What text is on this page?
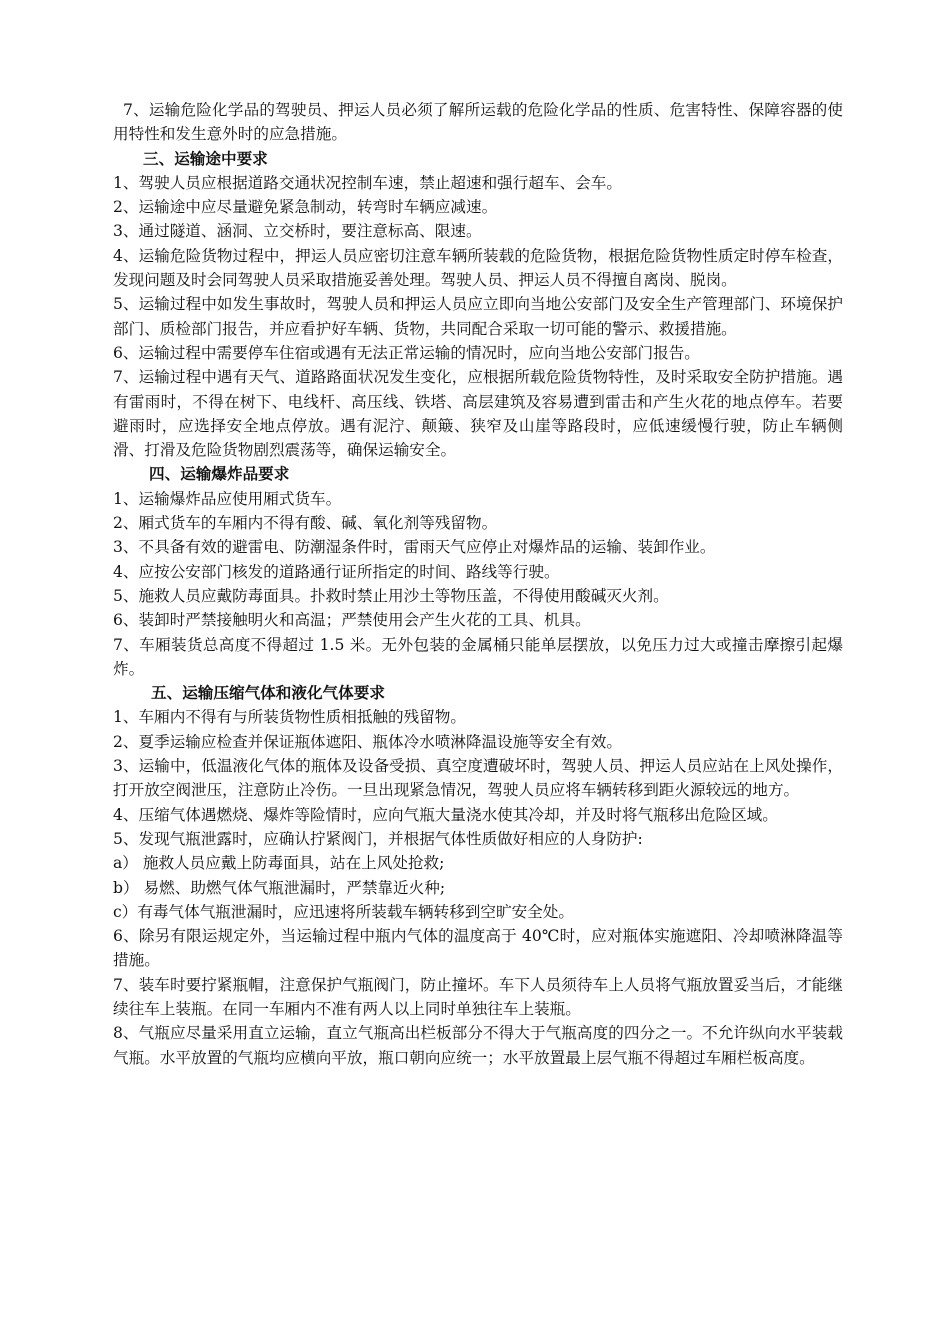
7、运输危险化学品的驾驶员、押运人员必须了解所运载的危险化学品的性质、危害特性、保障容器的使用特性和发生意外时的应急措施。

三、运输途中要求

1、驾驶人员应根据道路交通状况控制车速，禁止超速和强行超车、会车。

2、运输途中应尽量避免紧急制动，转弯时车辆应减速。

3、通过隧道、涵洞、立交桥时，要注意标高、限速。

4、运输危险货物过程中，押运人员应密切注意车辆所装载的危险货物，根据危险货物性质定时停车检查，发现问题及时会同驾驶人员采取措施妥善处理。驾驶人员、押运人员不得擅自离岗、脱岗。

5、运输过程中如发生事故时，驾驶人员和押运人员应立即向当地公安部门及安全生产管理部门、环境保护部门、质检部门报告，并应看护好车辆、货物，共同配合采取一切可能的警示、救援措施。

6、运输过程中需要停车住宿或遇有无法正常运输的情况时，应向当地公安部门报告。

7、运输过程中遇有天气、道路路面状况发生变化，应根据所载危险货物特性，及时采取安全防护措施。遇有雷雨时，不得在树下、电线杆、高压线、铁塔、高层建筑及容易遭到雷击和产生火花的地点停车。若要避雨时，应选择安全地点停放。遇有泥泞、颠簸、狭窄及山崖等路段时，应低速缓慢行驶，防止车辆侧滑、打滑及危险货物剧烈震荡等，确保运输安全。

四、运输爆炸品要求

1、运输爆炸品应使用厢式货车。

2、厢式货车的车厢内不得有酸、碱、氧化剂等残留物。

3、不具备有效的避雷电、防潮湿条件时，雷雨天气应停止对爆炸品的运输、装卸作业。

4、应按公安部门核发的道路通行证所指定的时间、路线等行驶。

5、施救人员应戴防毒面具。扑救时禁止用沙土等物压盖，不得使用酸碱灭火剂。

6、装卸时严禁接触明火和高温；严禁使用会产生火花的工具、机具。

7、车厢装货总高度不得超过 1.5 米。无外包装的金属桶只能单层摆放，以免压力过大或撞击摩擦引起爆炸。

五、运输压缩气体和液化气体要求

1、车厢内不得有与所装货物性质相抵触的残留物。

2、夏季运输应检查并保证瓶体遮阳、瓶体冷水喷淋降温设施等安全有效。

3、运输中，低温液化气体的瓶体及设备受损、真空度遭破坏时，驾驶人员、押运人员应站在上风处操作，打开放空阀泄压，注意防止冷伤。一旦出现紧急情况，驾驶人员应将车辆转移到距火源较远的地方。

4、压缩气体遇燃烧、爆炸等险情时，应向气瓶大量浇水使其冷却，并及时将气瓶移出危险区域。

5、发现气瓶泄露时，应确认拧紧阀门，并根据气体性质做好相应的人身防护:

a） 施救人员应戴上防毒面具，站在上风处抢救;

b） 易燃、助燃气体气瓶泄漏时，严禁靠近火种;

c）有毒气体气瓶泄漏时，应迅速将所装载车辆转移到空旷安全处。

6、除另有限运规定外，当运输过程中瓶内气体的温度高于 40℃时，应对瓶体实施遮阳、冷却喷淋降温等措施。

7、装车时要拧紧瓶帽，注意保护气瓶阀门，防止撞坏。车下人员须待车上人员将气瓶放置妥当后，才能继续往车上装瓶。在同一车厢内不准有两人以上同时单独往车上装瓶。

8、气瓶应尽量采用直立运输，直立气瓶高出栏板部分不得大于气瓶高度的四分之一。不允许纵向水平装载气瓶。水平放置的气瓶均应横向平放，瓶口朝向应统一；水平放置最上层气瓶不得超过车厢栏板高度。
